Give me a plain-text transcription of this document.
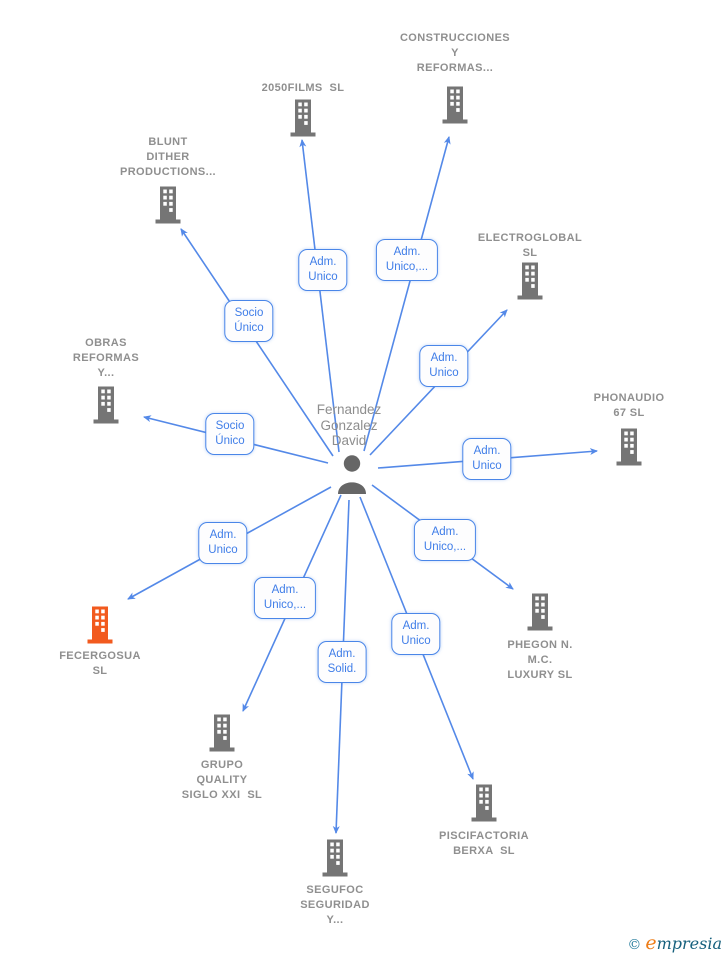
Fernandez
Gonzalez
David
Adm.
Unico
Adm.
Unico,...
Socio
Único
Adm.
Unico
Socio
Único
Adm.
Unico
Adm.
Unico
Adm.
Unico,...
Adm.
Unico,...
Adm.
Solid.
Adm.
Unico
CONSTRUCCIONES
Y
REFORMAS...
2050FILMS  SL
BLUNT
DITHER
PRODUCTIONS...
ELECTROGLOBAL
SL
OBRAS
REFORMAS
Y...
PHONAUDIO
67 SL
FECERGOSUA
SL
PHEGON N.
M.C.
LUXURY SL
GRUPO
QUALITY
SIGLO XXI  SL
PISCIFACTORIA
BERXA  SL
SEGUFOC
SEGURIDAD
Y...
© empresia
